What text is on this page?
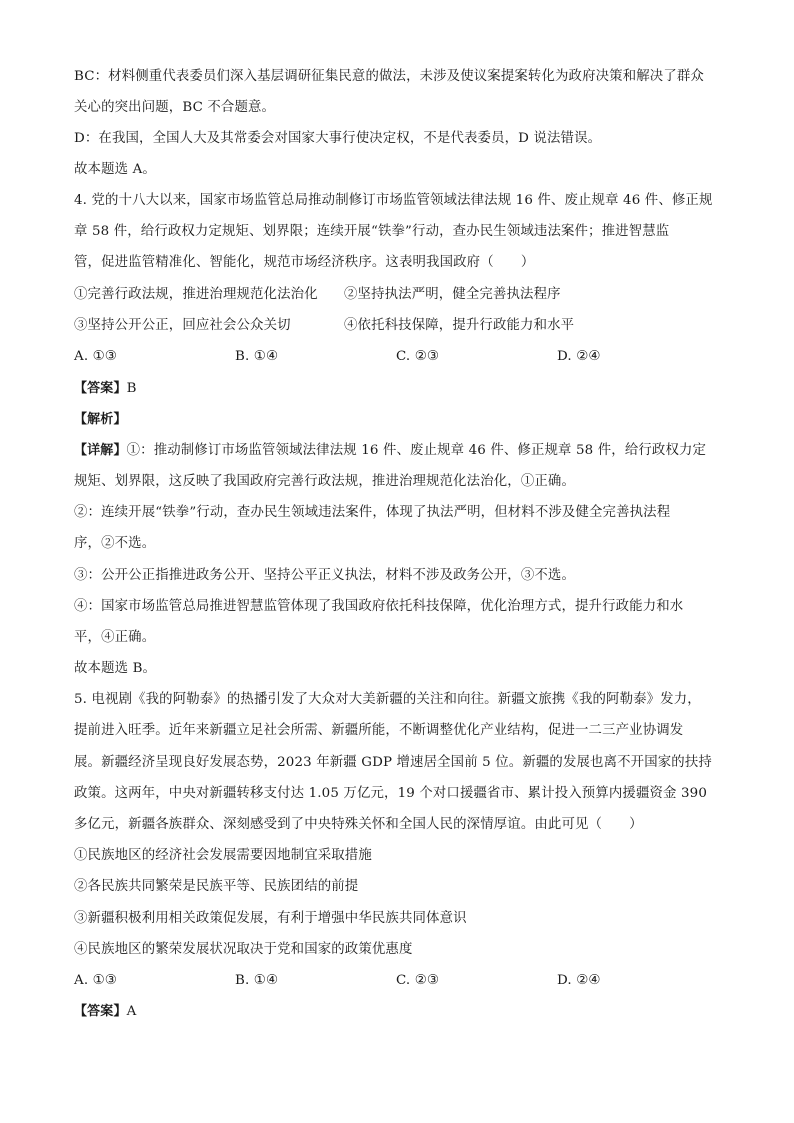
BC：材料侧重代表委员们深入基层调研征集民意的做法，未涉及使议案提案转化为政府决策和解决了群众
关心的突出问题，BC 不合题意。
D：在我国，全国人大及其常委会对国家大事行使决定权，不是代表委员，D 说法错误。
故本题选 A。
4. 党的十八大以来，国家市场监管总局推动制修订市场监管领域法律法规 16 件、废止规章 46 件、修正规
章 58 件，给行政权力定规矩、划界限；连续开展“铁拳”行动，查办民生领域违法案件；推进智慧监
管，促进监管精准化、智能化，规范市场经济秩序。这表明我国政府（　　）
①完善行政法规，推进治理规范化法治化 ②坚持执法严明，健全完善执法程序
③坚持公开公正，回应社会公众关切	④依托科技保障，提升行政能力和水平
A. ①③	B. ①④	C. ②③	D. ②④
【答案】B
【解析】
【详解】①：推动制修订市场监管领域法律法规 16 件、废止规章 46 件、修正规章 58 件，给行政权力定
规矩、划界限，这反映了我国政府完善行政法规，推进治理规范化法治化，①正确。
②：连续开展“铁拳”行动，查办民生领域违法案件，体现了执法严明，但材料不涉及健全完善执法程
序，②不选。
③：公开公正指推进政务公开、坚持公平正义执法，材料不涉及政务公开，③不选。
④：国家市场监管总局推进智慧监管体现了我国政府依托科技保障，优化治理方式，提升行政能力和水
平，④正确。
故本题选 B。
5. 电视剧《我的阿勒泰》的热播引发了大众对大美新疆的关注和向往。新疆文旅携《我的阿勒泰》发力，
提前进入旺季。近年来新疆立足社会所需、新疆所能，不断调整优化产业结构，促进一二三产业协调发
展。新疆经济呈现良好发展态势，2023 年新疆 GDP 增速居全国前 5 位。新疆的发展也离不开国家的扶持
政策。这两年，中央对新疆转移支付达 1.05 万亿元，19 个对口援疆省市、累计投入预算内援疆资金 390
多亿元，新疆各族群众、深刻感受到了中央特殊关怀和全国人民的深情厚谊。由此可见（　　）
①民族地区的经济社会发展需要因地制宜采取措施
②各民族共同繁荣是民族平等、民族团结的前提
③新疆积极利用相关政策促发展，有利于增强中华民族共同体意识
④民族地区的繁荣发展状况取决于党和国家的政策优惠度
A. ①③	B. ①④	C. ②③	D. ②④
【答案】A
